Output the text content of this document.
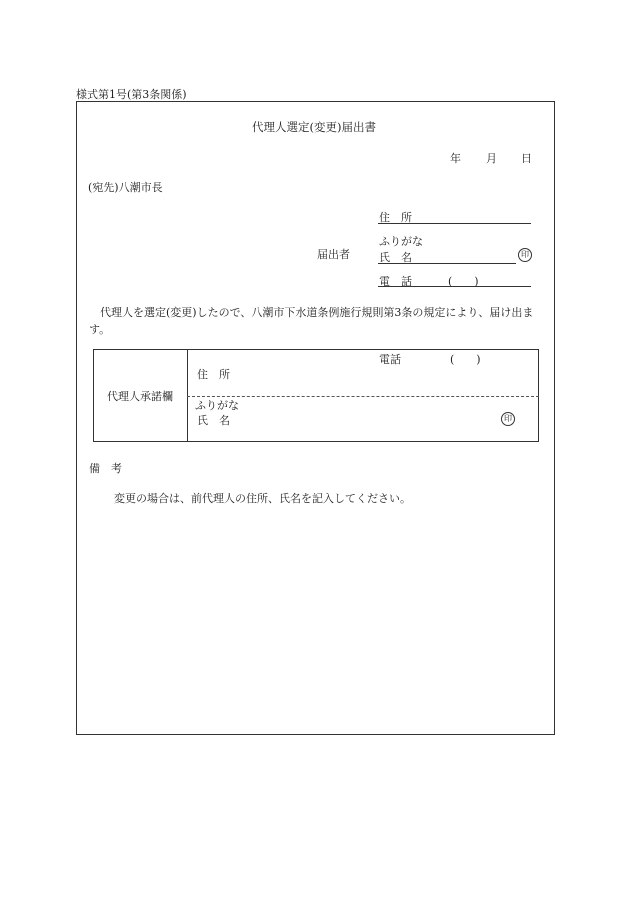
様式第1号(第3条関係)
代理人選定(変更)届出書
年 月 日
(宛先)八潮市長
届出者
住　所
ふりがな
氏　名	印
電　話	(　　)
代理人を選定(変更)したので、八潮市下水道条例施行規則第3条の規定により、届け出ます。
代理人承諾欄
電話	(　　)
住　所
ふりがな
氏　名	印
備　考
変更の場合は、前代理人の住所、氏名を記入してください。
